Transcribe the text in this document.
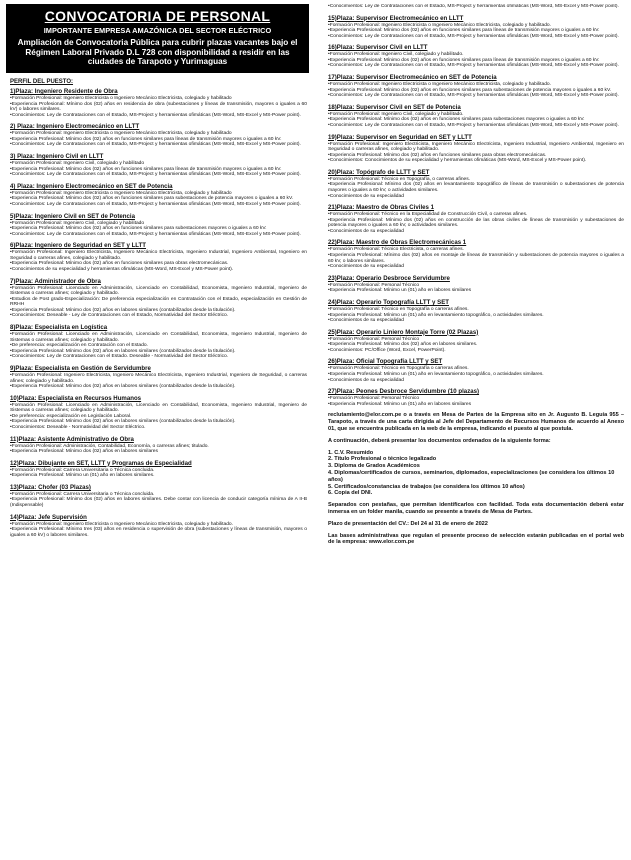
CONVOCATORIA DE PERSONAL
IMPORTANTE EMPRESA AMAZÓNICA DEL SECTOR ELÉCTRICO
Ampliación de Convocatoria Pública para cubrir plazas vacantes bajo el Régimen Laboral Privado D.L 728 con disponibilidad a residir en las ciudades de Tarapoto y Yurimaguas
PERFIL DEL PUESTO:
1)Plaza: Ingeniero Residente de Obra
•Formación Profesional: Ingeniero Electricista o Ingeniero Mecánico Electricista, colegiado y habilitado
•Experiencia Profesional: Mínimo dos (02) años en residencia de obra (subestaciones y líneas de transmisión, mayores o iguales a 60 kV) o labores similares.
•Conocimientos: Ley de Contrataciones con el Estado, MS-Project y herramientas ofimáticas (MS-Word, MS-Excel y MS-Power point).
2) Plaza: Ingeniero Electromecánico en LLTT
•Formación Profesional: Ingeniero Electricista o Ingeniero Mecánico Electricista, colegiado y habilitado
•Experiencia Profesional: Mínimo dos (02) años en funciones similares para líneas de transmisión mayores o iguales a 60 kV.
•Conocimientos: Ley de Contrataciones con el Estado, MS-Project y herramientas ofimáticas (MS-Word, MS-Excel y MS-Power point).
3) Plaza: Ingeniero Civil en LLTT
•Formación Profesional: Ingeniero Civil, colegiado y habilitado
•Experiencia Profesional: Mínimo dos (02) años en funciones similares para líneas de transmisión mayores o iguales a 60 kV.
•Conocimientos: Ley de Contrataciones con el Estado, MS-Project y herramientas ofimáticas (MS-Word, MS-Excel y MS-Power point).
4) Plaza: Ingeniero Electromecánico en SET de Potencia
•Formación Profesional: Ingeniero Electricista o Ingeniero Mecánico Electricista, colegiado y habilitado
•Experiencia Profesional: Mínimo dos (02) años en funciones similares para subestaciones de potencia mayores o iguales a 60 kV.
•Conocimientos: Ley de Contrataciones con el Estado, MS-Project y herramientas ofimáticas (MS-Word, MS-Excel y MS-Power point).
5)Plaza: Ingeniero Civil en SET de Potencia
•Formación Profesional: Ingeniero Civil, colegiado y habilitado
•Experiencia Profesional: Mínimo dos (02) años en funciones similares para subestaciones mayores o iguales a 60 kV.
•Conocimientos: Ley de Contrataciones con el Estado, MS-Project y herramientas ofimáticas (MS-Word, MS-Excel y MS-Power point).
6)Plaza: Ingeniero de Seguridad en SET y LLTT
•Formación Profesional: Ingeniero Electricista, Ingeniero Mecánico Electricista, Ingeniero Industrial, Ingeniero Ambiental, Ingeniero en Seguridad o carreras afines, colegiado y habilitado.
•Experiencia Profesional: Mínimo dos (02) años en funciones similares para obras electromecánicas.
•Conocimientos de su especialidad y herramientas ofimáticas (MS-Word, MS-Excel y MS-Power point).
7)Plaza: Administrador de Obra
•Formación Profesional: Licenciado en Administración, Licenciado en Contabilidad, Economista, Ingeniero Industrial, Ingeniero de Sistemas o carreras afines; colegiado y habilitado.
•Estudios de Post grado-Especialización: De preferencia especialización en Contratación con el Estado, especialización en Gestión de RRHH
•Experiencia Profesional: Mínimo dos (02) años en labores similares (contabilizados desde la titulación).
•Conocimientos: Deseable - Ley de Contrataciones con el Estado, Normatividad del Sector Eléctrico.
8)Plaza: Especialista en Logística
•Formación Profesional: Licenciado en Administración, Licenciado en Contabilidad, Economista, Ingeniero Industrial, Ingeniero de Sistemas o carreras afines; colegiado y habilitado.
•De preferencia: especialización en Contratación con el Estado.
•Experiencia Profesional: Mínimo dos (02) años en labores similares (contabilizados desde la titulación).
•Conocimientos: Ley de Contrataciones con el Estado. Deseable - Normatividad del Sector Eléctrico.
9)Plaza: Especialista en Gestión de Servidumbre
•Formación Profesional: Ingeniero Electricista, Ingeniero Mecánico Electricista, Ingeniero Industrial, Ingeniero de Seguridad, o carreras afines; colegiado y habilitado.
•Experiencia Profesional: Mínimo dos (02) años en labores similares (contabilizados desde la titulación).
10)Plaza: Especialista en Recursos Humanos
•Formación Profesional: Licenciado en Administración, Licenciado en Contabilidad, Economista, Ingeniero Industrial, Ingeniero de Sistemas o carreras afines; colegiado y habilitado.
•De preferencia: especialización en Legislación Laboral.
•Experiencia Profesional: Mínimo dos (02) años en labores similares (contabilizados desde la titulación).
•Conocimientos: Deseable - Normatividad del Sector Eléctrico.
11)Plaza: Asistente Administrativo de Obra
•Formación Profesional: Administración, Contabilidad, Economía, o carreras afines; titulado.
•Experiencia Profesional: Mínimo dos (02) años en labores similares
12)Plaza: Dibujante en SET, LLTT y Programas de Especialidad
•Formación Profesional: Carrera Universitaria o Técnica concluida.
•Experiencia Profesional: Mínimo un (01) año en labores similares.
13)Plaza: Chofer (03 Plazas)
•Formación Profesional: Carrera Universitaria o Técnica concluida.
•Experiencia Profesional: Mínimo dos (02) años en labores similares. Debe contar con licencia de conducir categoría mínima de A II-B (Indispensable)
14)Plaza: Jefe Supervisión
•Formación Profesional: Ingeniero Electricista o Ingeniero Mecánico Electricista, colegiado y habilitado.
•Experiencia Profesional: Mínimo tres (03) años en residencia o supervisión de obra (subestaciones y líneas de transmisión, mayores o iguales a 60 kV) o labores similares.
•Conocimientos: Ley de Contrataciones con el Estado, MS-Project y herramientas ofimáticas (MS-Word, MS-Excel y MS-Power point).
15)Plaza: Supervisor Electromecánico en LLTT
•Formación Profesional: Ingeniero Electricista o Ingeniero Mecánico Electricista, colegiado y habilitado.
•Experiencia Profesional: Mínimo dos (02) años en funciones similares para líneas de transmisión mayores o iguales a 60 kV.
•Conocimientos: Ley de Contrataciones con el Estado, MS-Project y herramientas ofimáticas (MS-Word, MS-Excel y MS-Power point).
16)Plaza: Supervisor Civil en LLTT
•Formación Profesional: Ingeniero Civil, colegiado y habilitado.
•Experiencia Profesional: Mínimo dos (02) años en funciones similares para líneas de transmisión mayores o iguales a 60 kV.
•Conocimientos: Ley de Contrataciones con el Estado, MS-Project y herramientas ofimáticas (MS-Word, MS-Excel y MS-Power point).
17)Plaza: Supervisor Electromecánico en SET de Potencia
•Formación Profesional: Ingeniero Electricista o Ingeniero Mecánico Electricista, colegiado y habilitado.
•Experiencia Profesional: Mínimo dos (02) años en funciones similares para subestaciones de potencia mayores o iguales a 60 kV.
•Conocimientos: Ley de Contrataciones con el Estado, MS-Project y herramientas ofimáticas (MS-Word, MS-Excel y MS-Power point).
18)Plaza: Supervisor Civil en SET de Potencia
•Formación Profesional: Ingeniero Civil, colegiado y habilitado.
•Experiencia Profesional: Mínimo dos (02) años en funciones similares para subestaciones mayores o iguales a 60 kV.
•Conocimientos: Ley de Contrataciones con el Estado, MS-Project y herramientas ofimáticas (MS-Word, MS-Excel y MS-Power point).
19)Plaza: Supervisor en Seguridad en SET y LLTT
•Formación Profesional: Ingeniero Electricista, Ingeniero Mecánico Electricista, Ingeniero Industrial, Ingeniero Ambiental, Ingeniero en Seguridad o carreras afines, colegiado y habilitado.
•Experiencia Profesional: Mínimo dos (02) años en funciones similares para obras electromecánicas.
•Conocimientos: Conocimientos de su especialidad y herramientas ofimáticas (MS-Word, MS-Excel y MS-Power point).
20)Plaza: Topógrafo de LLTT y SET
•Formación Profesional: Técnico en Topografía, o carreras afines.
•Experiencia Profesional: Mínimo dos (02) años en levantamiento topográfico de líneas de transmisión o subestaciones de potencia mayores o iguales a 60 kV, o actividades similares.
•Conocimientos de su especialidad
21)Plaza: Maestro de Obras Civiles 1
•Formación Profesional: Técnico en la Especialidad de Construcción Civil, o carreras afines.
•Experiencia Profesional: Mínimo dos (02) años en construcción de las obras civiles de líneas de transmisión y subestaciones de potencia mayores o iguales a 60 kV, o actividades similares.
•Conocimientos de su especialidad
22)Plaza: Maestro de Obras Electromecánicas 1
•Formación Profesional: Técnico Electricista, o carreras afines.
•Experiencia Profesional: Mínimo dos (02) años en montaje de líneas de transmisión y subestaciones de potencia mayores o iguales a 60 kV, o labores similares.
•Conocimientos de su especialidad
23)Plaza: Operario Desbroce Servidumbre
•Formación Profesional: Personal Técnico
•Experiencia Profesional: Mínimo un (01) año en labores similares
24)Plaza: Operario Topografía LLTT y SET
•Formación Profesional: Técnico en Topografía o carreras afines.
•Experiencia Profesional: Mínimo un (01) año en levantamiento topográfico, o actividades similares.
•Conocimientos de su especialidad
25)Plaza: Operario Liniero Montaje Torre (02 Plazas)
•Formación Profesional: Personal Técnico
•Experiencia Profesional: Mínimo dos (02) años en labores similares.
•Conocimientos: PC/Office (Word, Excel, PowerPoint).
26)Plaza: Oficial Topografía LLTT y SET
•Formación Profesional: Técnico en Topografía o carreras afines.
•Experiencia Profesional: Mínimo un (01) año en levantamiento topográfico, o actividades similares.
•Conocimientos de su especialidad
27)Plaza: Peones Desbroce Servidumbre (10 plazas)
•Formación Profesional: Personal Técnico
•Experiencia Profesional: Mínimo un (01) año en labores similares
reclutamiento@elor.com.pe o a través en Mesa de Partes de la Empresa sito en Jr. Augusto B. Leguía 955 –Tarapoto, a través de una carta dirigida al Jefe del Departamento de Recursos Humanos de acuerdo al Anexo 01, que se encuentra publicada en la web de la empresa, indicando el puesto al que postula.
A continuación, deberá presentar los documentos ordenados de la siguiente forma:
1. C.V. Resumido
2. Título Profesional o técnico legalizado
3. Diploma de Grados Académicos
4. Diplomas/certificados de cursos, seminarios, diplomados, especializaciones (se considera los últimos 10 años)
5. Certificados/constancias de trabajos (se considera los últimos 10 años)
6. Copia del DNI.
Separados con pestañas, que permitan identificarlos con facilidad. Toda esta documentación deberá estar inmersa en un folder manila, cuando se presente a través de Mesa de Partes.
Plazo de presentación del CV.: Del 24 al 31 de enero de 2022
Las bases administrativas que regulan el presente proceso de selección estarán publicadas en el portal web de la empresa: www.elor.com.pe
